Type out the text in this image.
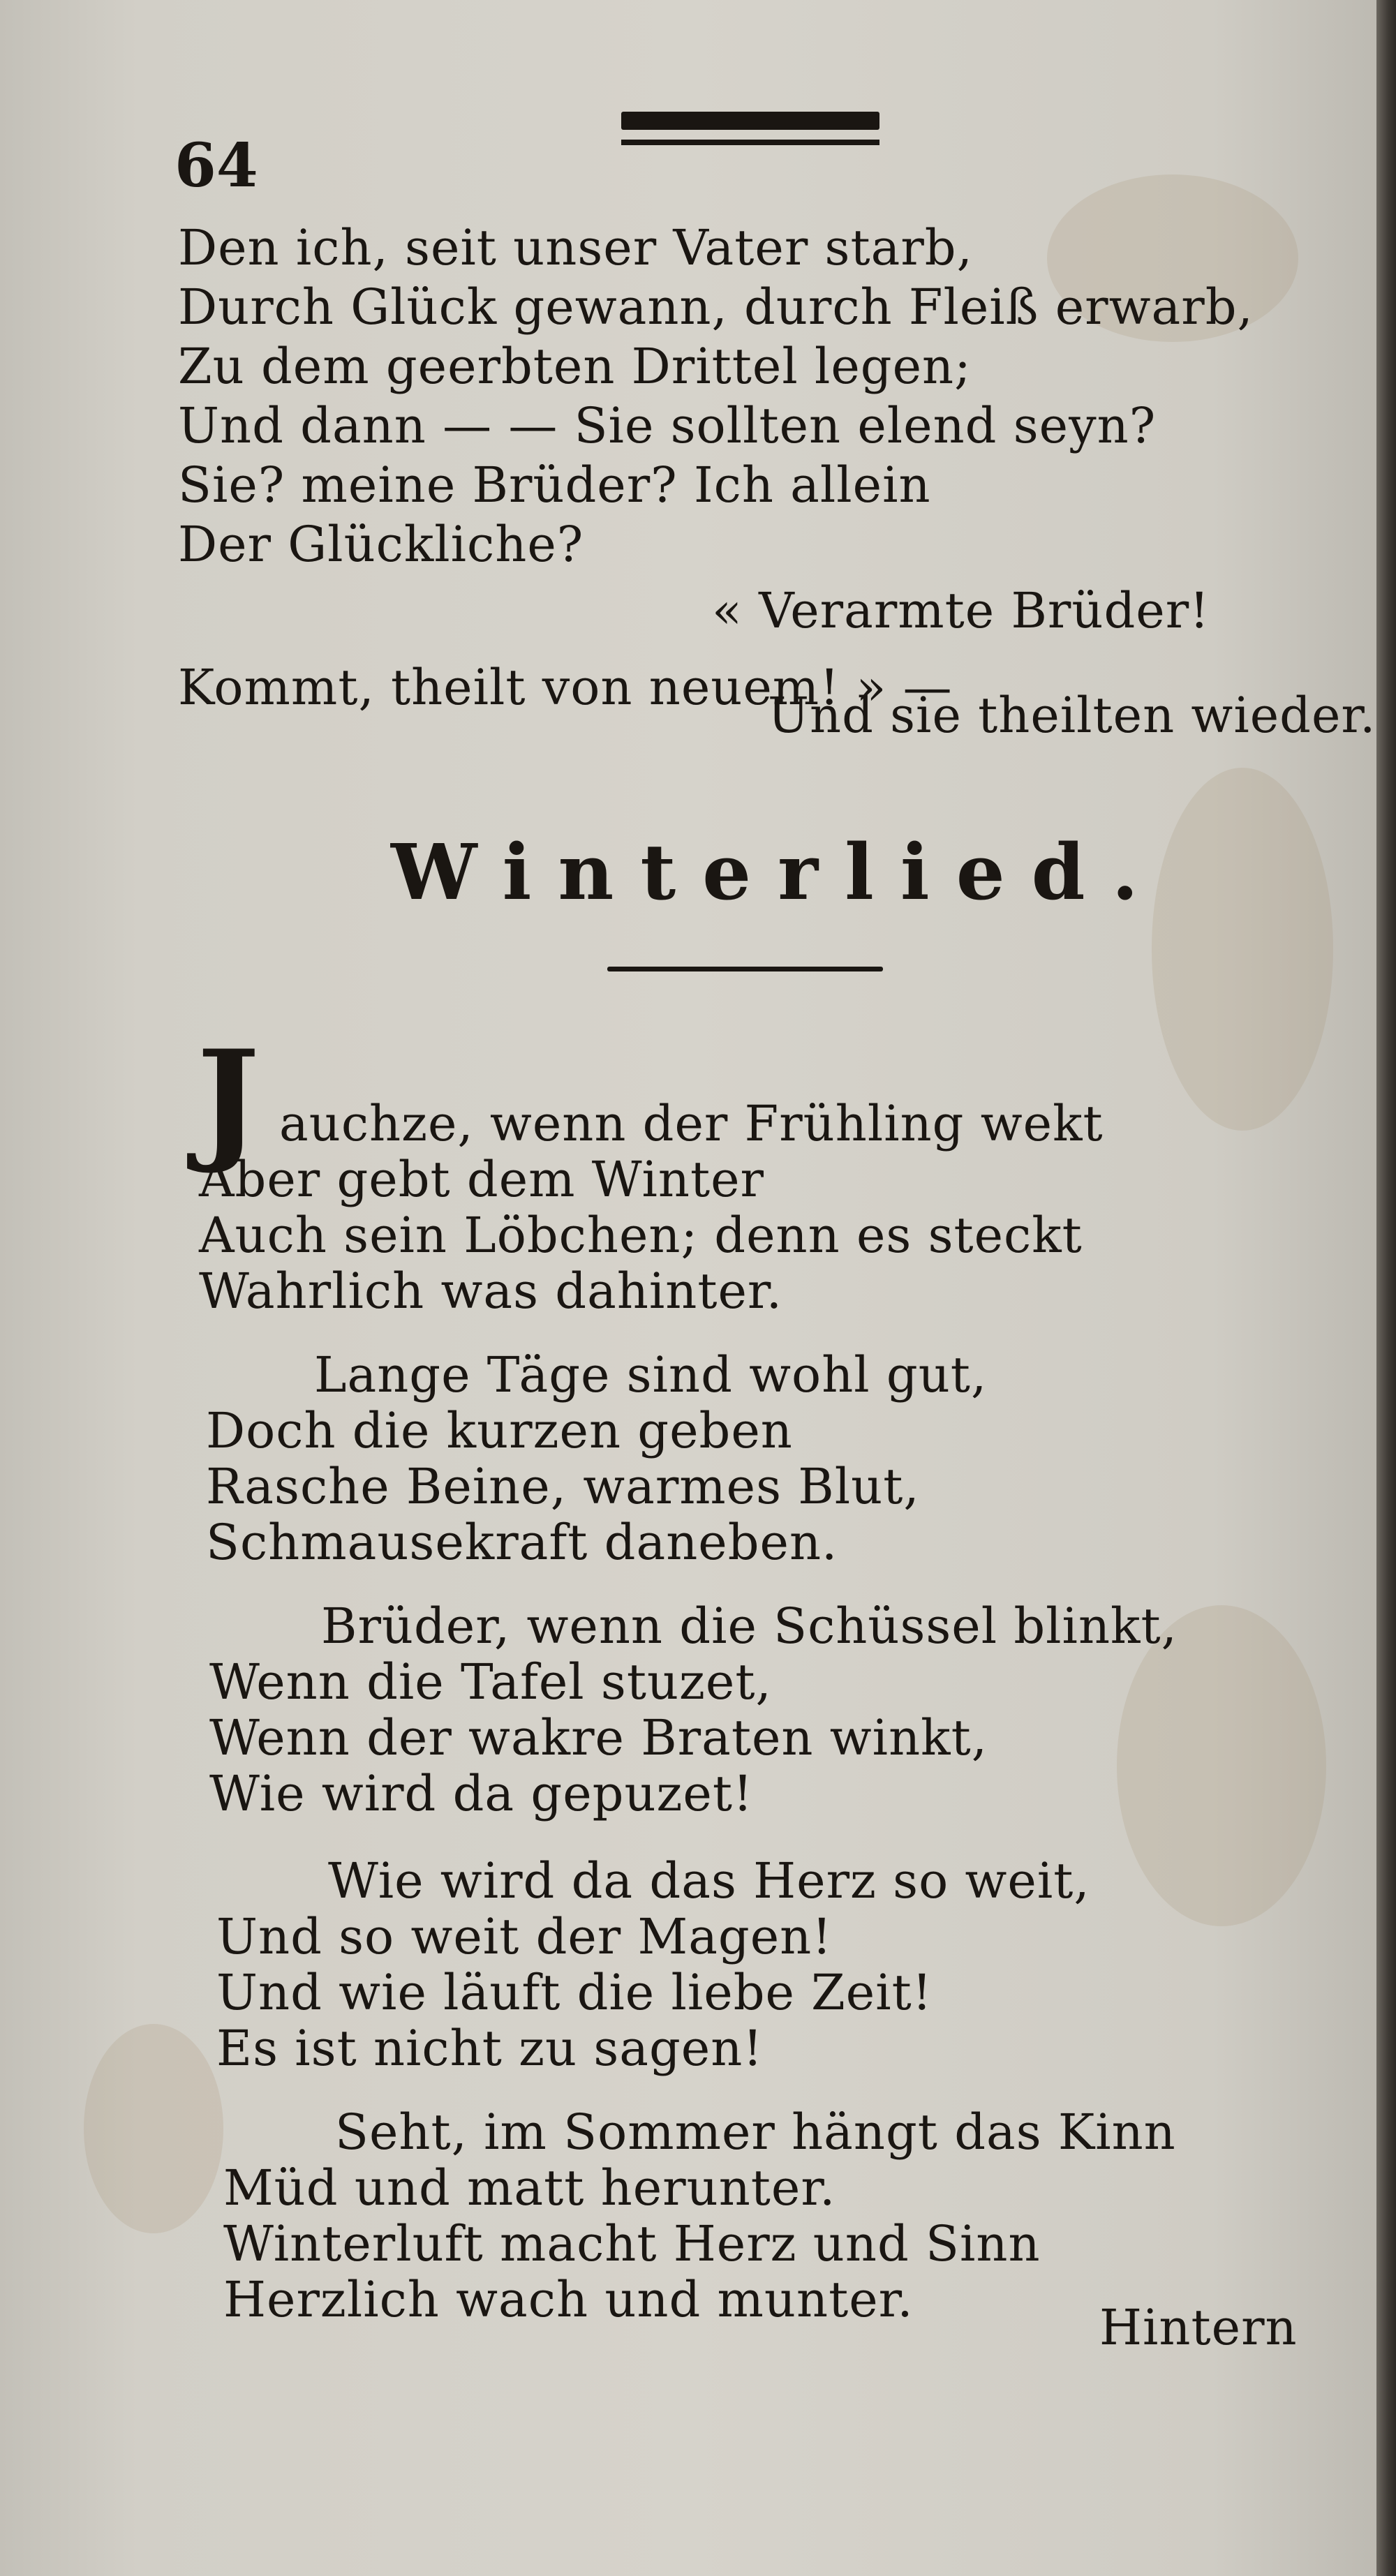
64
Den ich, seit unser Vater starb,
Durch Glück gewann, durch Fleiß erwarb,
Zu dem geerbten Drittel legen;
Und dann — — Sie sollten elend seyn?
Sie? meine Brüder? Ich allein
Der Glückliche?
« Verarmte Brüder!
Kommt, theilt von neuem! » —
Und sie theilten wieder.
Winterlied.
J auchze, wenn der Frühling wekt
Aber gebt dem Winter
Auch sein Löbchen; denn es steckt
Wahrlich was dahinter.
Lange Täge sind wohl gut,
Doch die kurzen geben
Rasche Beine, warmes Blut,
Schmausekraft daneben.
Brüder, wenn die Schüssel blinkt,
Wenn die Tafel stuzet,
Wenn der wakre Braten winkt,
Wie wird da gepuzet!
Wie wird da das Herz so weit,
Und so weit der Magen!
Und wie läuft die liebe Zeit!
Es ist nicht zu sagen!
Seht, im Sommer hängt das Kinn
Müd und matt herunter.
Winterluft macht Herz und Sinn
Herzlich wach und munter.	Hintern
